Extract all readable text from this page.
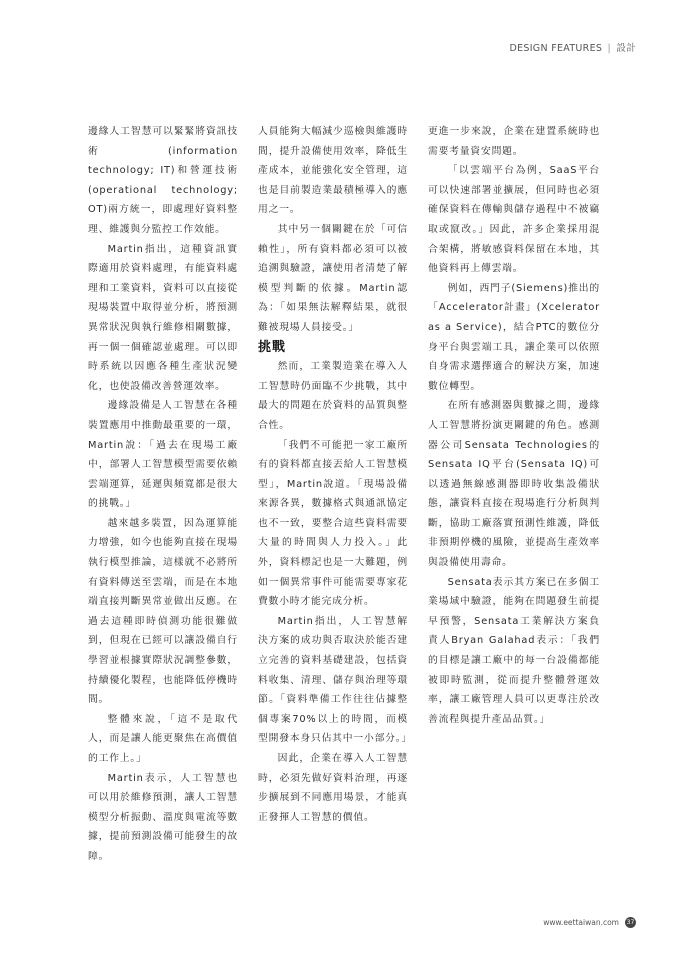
DESIGN FEATURES | 設計

邊緣人工智慧可以緊緊將資訊技術(information technology; IT)和營運技術(operational technology; OT)兩方統一，即處理好資料整理、維護與分監控工作效能。

Martin指出，這種資訊實際適用於資料處理，有能資料處理和工業資料，資料可以直接從現場裝置中取得並分析，將預測異常狀況與執行維修相關數據，再一個一個確認並處理。可以即時系統以因應各種生產狀況變化，也使設備改善營運效率。

邊緣設備是人工智慧在各種裝置應用中推動最重要的一環，Martin說：「過去在現場工廠中，部署人工智慧模型需要依賴雲端運算，延遲與頻寬都是很大的挑戰。」

越來越多裝置，因為運算能力增強，如今也能夠直接在現場執行模型推論，這樣就不必將所有資料傳送至雲端，而是在本地端直接判斷異常並做出反應。在過去這種即時偵測功能很難做到，但現在已經可以讓設備自行學習並根據實際狀況調整參數，持續優化製程，也能降低停機時間。

整體來說，「這不是取代人，而是讓人能更聚焦在高價值的工作上。」

Martin表示，人工智慧也可以用於維修預測，讓人工智慧模型分析振動、溫度與電流等數據，提前預測設備可能發生的故障。

人員能夠大幅減少巡檢與維護時間，提升設備使用效率，降低生產成本，並能強化安全管理，這也是目前製造業最積極導入的應用之一。

其中另一個關鍵在於「可信賴性」，所有資料都必須可以被追溯與驗證，讓使用者清楚了解模型判斷的依據。Martin認為：「如果無法解釋結果，就很難被現場人員接受。」

挑戰

然而，工業製造業在導入人工智慧時仍面臨不少挑戰，其中最大的問題在於資料的品質與整合性。

「我們不可能把一家工廠所有的資料都直接丟給人工智慧模型」，Martin說道。「現場設備來源各異，數據格式與通訊協定也不一致，要整合這些資料需要大量的時間與人力投入。」此外，資料標記也是一大難題，例如一個異常事件可能需要專家花費數小時才能完成分析。

Martin指出，人工智慧解決方案的成功與否取決於能否建立完善的資料基礎建設，包括資料收集、清理、儲存與治理等環節。「資料準備工作往往佔據整個專案70%以上的時間，而模型開發本身只佔其中一小部分。」

因此，企業在導入人工智慧時，必須先做好資料治理，再逐步擴展到不同應用場景，才能真正發揮人工智慧的價值。

更進一步來說，企業在建置系統時也需要考量資安問題。

「以雲端平台為例，SaaS平台可以快速部署並擴展，但同時也必須確保資料在傳輸與儲存過程中不被竊取或竄改。」因此，許多企業採用混合架構，將敏感資料保留在本地，其他資料再上傳雲端。

例如，西門子(Siemens)推出的「Accelerator計畫」(Xcelerator as a Service)，結合PTC的數位分身平台與雲端工具，讓企業可以依照自身需求選擇適合的解決方案，加速數位轉型。

在所有感測器與數據之間，邊緣人工智慧將扮演更關鍵的角色。感測器公司Sensata Technologies的Sensata IQ平台(Sensata IQ)可以透過無線感測器即時收集設備狀態，讓資料直接在現場進行分析與判斷，協助工廠落實預測性維護，降低非預期停機的風險，並提高生產效率與設備使用壽命。

Sensata表示其方案已在多個工業場域中驗證，能夠在問題發生前提早預警，Sensata工業解決方案負責人Bryan Galahad表示：「我們的目標是讓工廠中的每一台設備都能被即時監測，從而提升整體營運效率，讓工廠管理人員可以更專注於改善流程與提升產品品質。」

www.eettaiwan.com 37
